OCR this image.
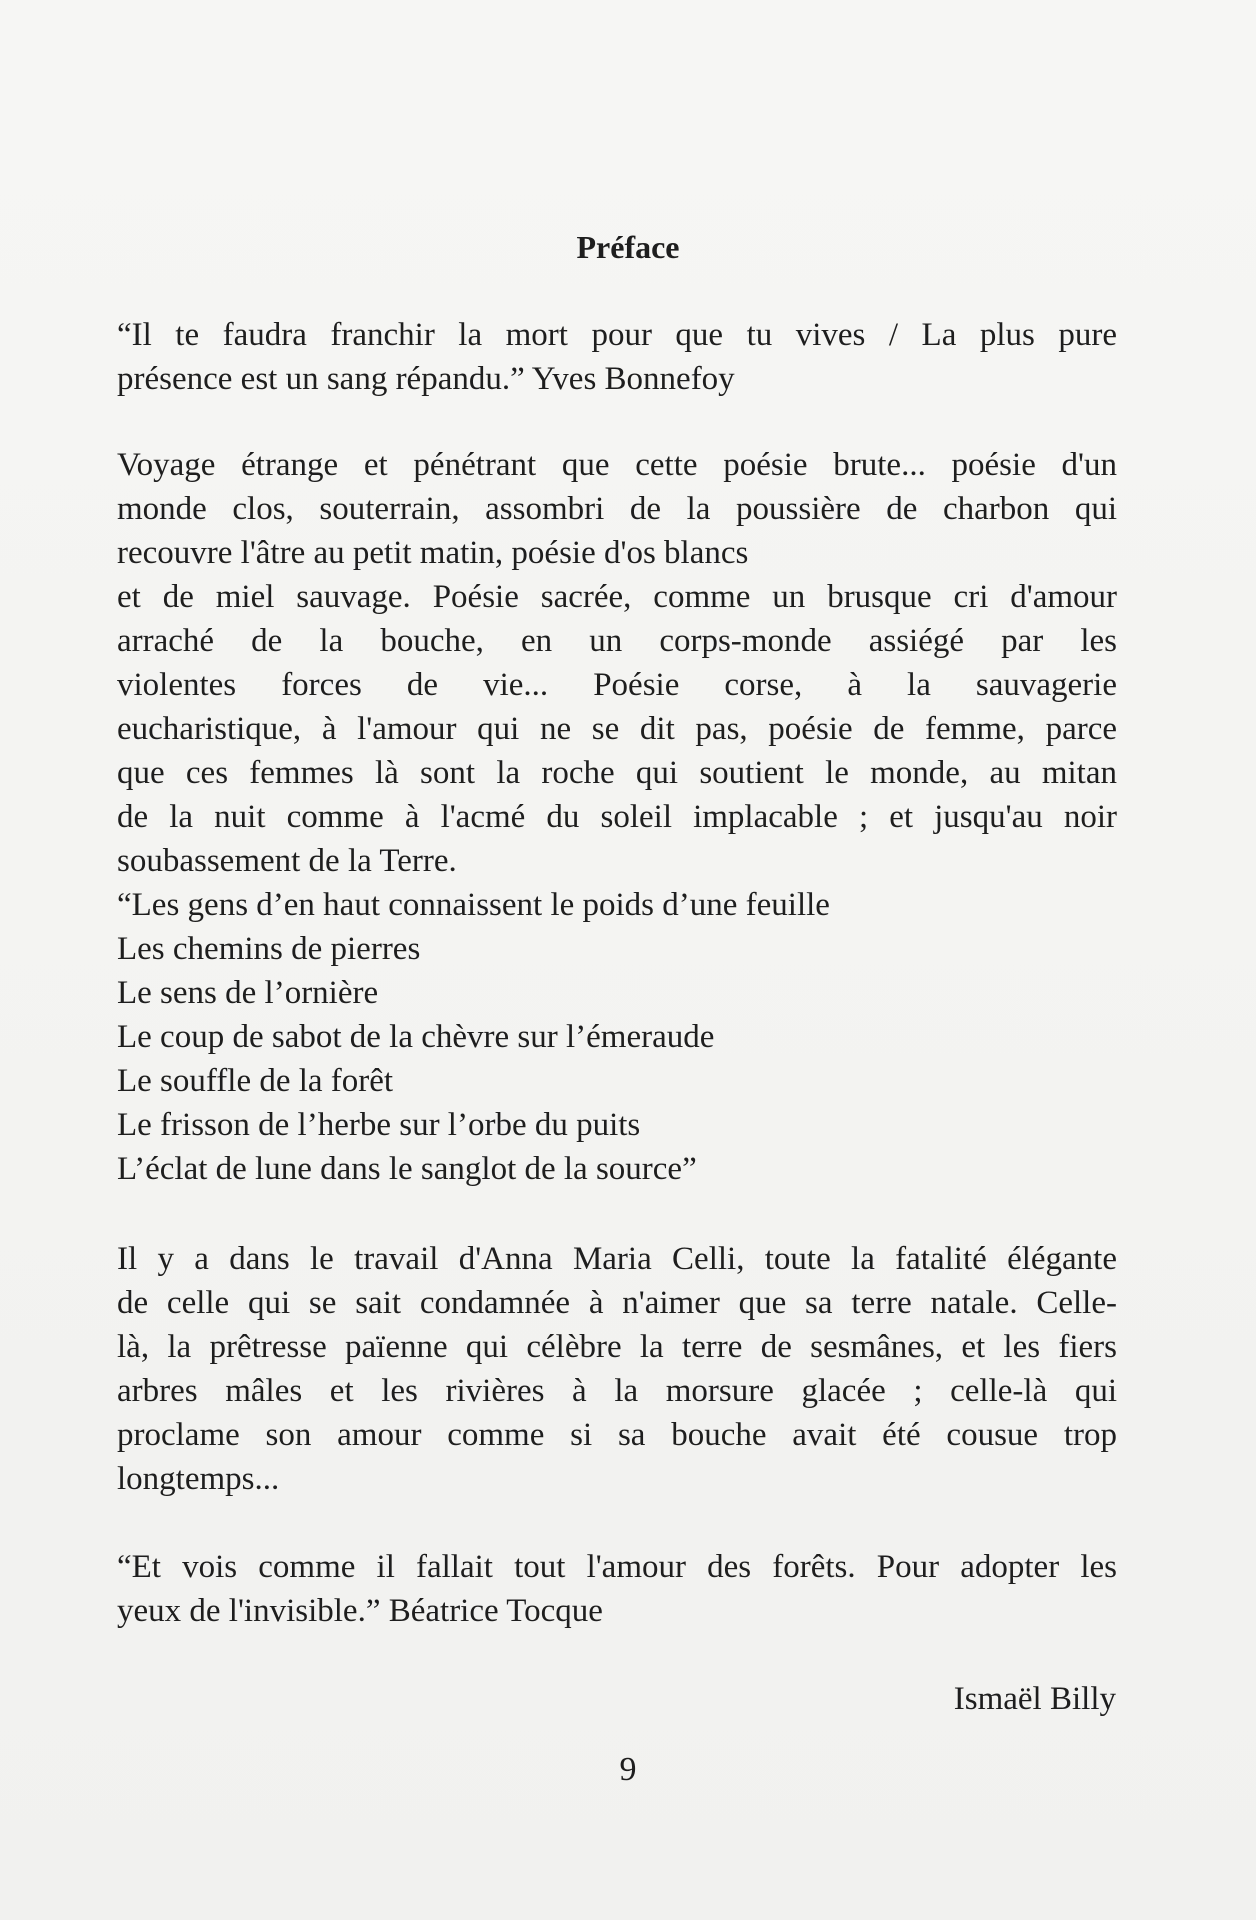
Préface
“Il te faudra franchir la mort pour que tu vives / La plus pure
présence est un sang répandu.” Yves Bonnefoy
Voyage étrange et pénétrant que cette poésie brute... poésie d'un
monde clos, souterrain, assombri de la poussière de charbon qui
recouvre l'âtre au petit matin, poésie d'os blancs
et de miel sauvage. Poésie sacrée, comme un brusque cri d'amour
arraché de la bouche, en un corps-monde assiégé par les
violentes forces de vie... Poésie corse, à la sauvagerie
eucharistique, à l'amour qui ne se dit pas, poésie de femme, parce
que ces femmes là sont la roche qui soutient le monde, au mitan
de la nuit comme à l'acmé du soleil implacable ; et jusqu'au noir
soubassement de la Terre.
“Les gens d’en haut connaissent le poids d’une feuille
Les chemins de pierres
Le sens de l’ornière
Le coup de sabot de la chèvre sur l’émeraude
Le souffle de la forêt
Le frisson de l’herbe sur l’orbe du puits
L’éclat de lune dans le sanglot de la source”
Il y a dans le travail d'Anna Maria Celli, toute la fatalité élégante
de celle qui se sait condamnée à n'aimer que sa terre natale. Celle-
là, la prêtresse païenne qui célèbre la terre de sesmânes, et les fiers
arbres mâles et les rivières à la morsure glacée ; celle-là qui
proclame son amour comme si sa bouche avait été cousue trop
longtemps...
“Et vois comme il fallait tout l'amour des forêts. Pour adopter les
yeux de l'invisible.” Béatrice Tocque

Ismaël Billy

9
